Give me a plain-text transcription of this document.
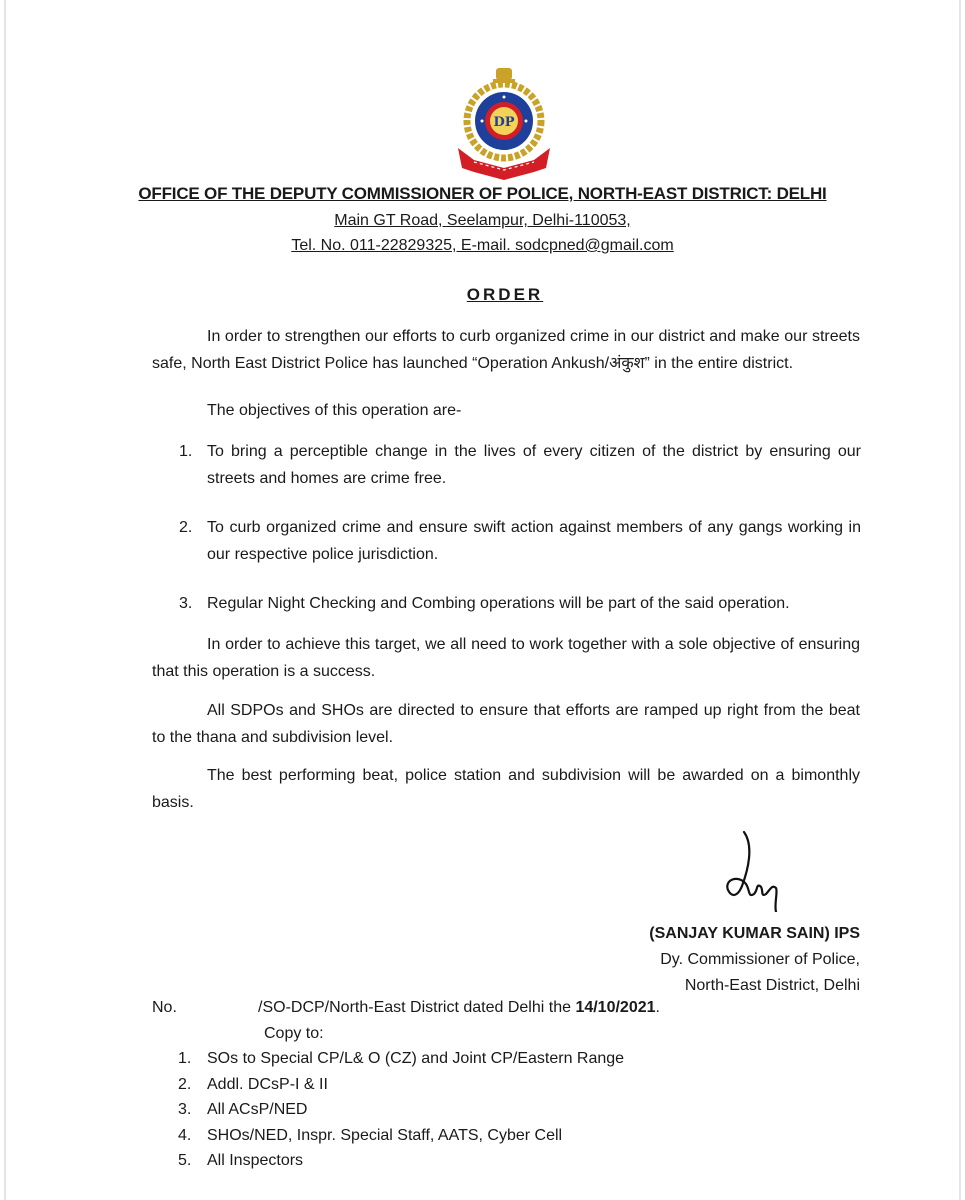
DP
OFFICE OF THE DEPUTY COMMISSIONER OF POLICE, NORTH-EAST DISTRICT: DELHI
Main GT Road, Seelampur, Delhi-110053,
Tel. No. 011-22829325, E-mail. sodcpned@gmail.com
ORDER
In order to strengthen our efforts to curb organized crime in our district and make our streets safe, North East District Police has launched “Operation Ankush/अंकुश” in the entire district.
The objectives of this operation are-
1. To bring a perceptible change in the lives of every citizen of the district by ensuring our streets and homes are crime free.
2. To curb organized crime and ensure swift action against members of any gangs working in our respective police jurisdiction.
3. Regular Night Checking and Combing operations will be part of the said operation.
In order to achieve this target, we all need to work together with a sole objective of ensuring that this operation is a success.
All SDPOs and SHOs are directed to ensure that efforts are ramped up right from the beat to the thana and subdivision level.
The best performing beat, police station and subdivision will be awarded on a bimonthly basis.
(SANJAY KUMAR SAIN) IPS
Dy. Commissioner of Police,
North-East District, Delhi
No.	/SO-DCP/North-East District dated Delhi the 14/10/2021.
Copy to:
1. SOs to Special CP/L& O (CZ) and Joint CP/Eastern Range
2. Addl. DCsP-I & II
3. All ACsP/NED
4. SHOs/NED, Inspr. Special Staff, AATS, Cyber Cell
5. All Inspectors
